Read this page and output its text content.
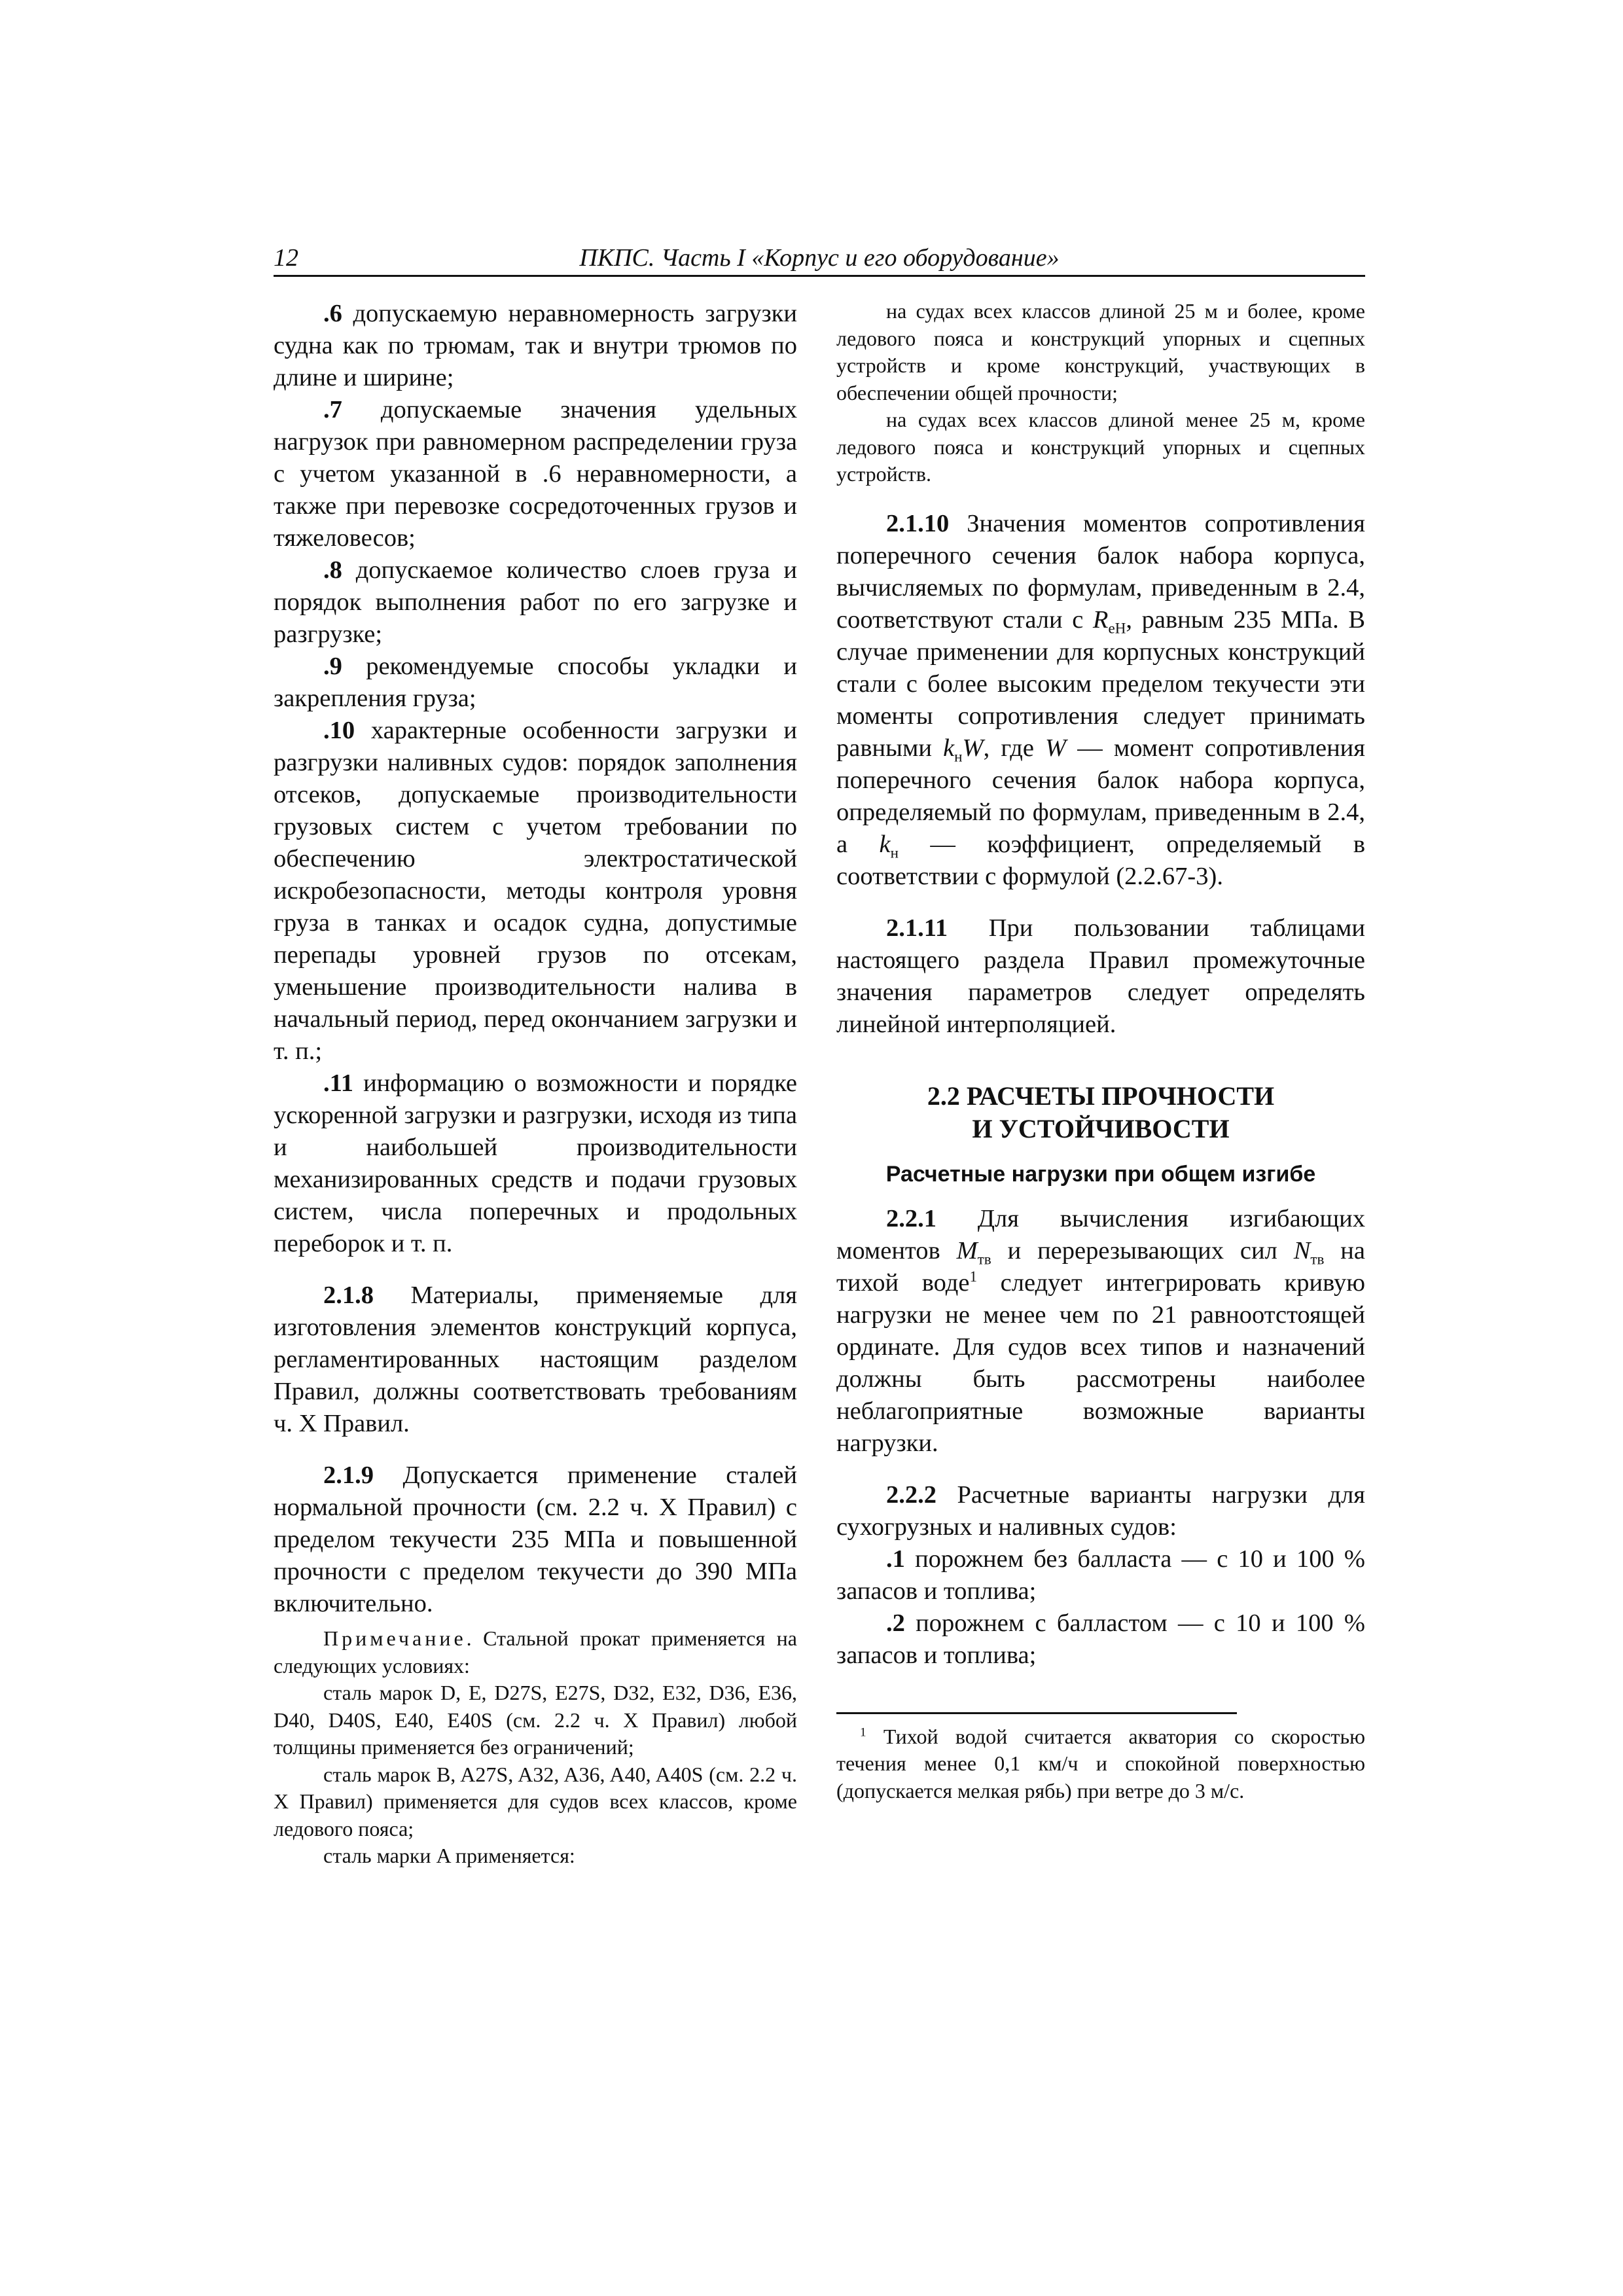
12	ПКПС. Часть I «Корпус и его оборудование»

.6 допускаемую неравномерность загрузки судна как по трюмам, так и внутри трюмов по длине и ширине;

.7 допускаемые значения удельных нагрузок при равномерном распределении груза с учетом указанной в .6 неравномерности, а также при перевозке сосредоточенных грузов и тяжеловесов;

.8 допускаемое количество слоев груза и порядок выполнения работ по его загрузке и разгрузке;

.9 рекомендуемые способы укладки и закрепления груза;

.10 характерные особенности загрузки и разгрузки наливных судов: порядок заполнения отсеков, допускаемые производительности грузовых систем с учетом требовании по обеспечению электростатической искробезопасности, методы контроля уровня груза в танках и осадок судна, допустимые перепады уровней грузов по отсекам, уменьшение производительности налива в начальный период, перед окончанием загрузки и т. п.;

.11 информацию о возможности и порядке ускоренной загрузки и разгрузки, исходя из типа и наибольшей производительности механизированных средств и подачи грузовых систем, числа поперечных и продольных переборок и т. п.

2.1.8 Материалы, применяемые для изготовления элементов конструкций корпуса, регламентированных настоящим разделом Правил, должны соответствовать требованиям ч. X Правил.

2.1.9 Допускается применение сталей нормальной прочности (см. 2.2 ч. X Правил) с пределом текучести 235 МПа и повышенной прочности с пределом текучести до 390 МПа включительно.

Примечание. Стальной прокат применяется на следующих условиях:

сталь марок D, E, D27S, E27S, D32, E32, D36, E36, D40, D40S, E40, E40S (см. 2.2 ч. X Правил) любой толщины применяется без ограничений;

сталь марок B, A27S, A32, A36, A40, A40S (см. 2.2 ч. X Правил) применяется для судов всех классов, кроме ледового пояса;

сталь марки A применяется:

на судах всех классов длиной 25 м и более, кроме ледового пояса и конструкций упорных и сцепных устройств и кроме конструкций, участвующих в обеспечении общей прочности;

на судах всех классов длиной менее 25 м, кроме ледового пояса и конструкций упорных и сцепных устройств.

2.1.10 Значения моментов сопротивления поперечного сечения балок набора корпуса, вычисляемых по формулам, приведенным в 2.4, соответствуют стали с $R_{eH}$, равным 235 МПа. В случае применении для корпусных конструкций стали с более высоким пределом текучести эти моменты сопротивления следует принимать равными $k_нW$, где W — момент сопротивления поперечного сечения балок набора корпуса, определяемый по формулам, приведенным в 2.4, а $k_н$ — коэффициент, определяемый в соответствии с формулой (2.2.67-3).

2.1.11 При пользовании таблицами настоящего раздела Правил промежуточные значения параметров следует определять линейной интерполяцией.

2.2 РАСЧЕТЫ ПРОЧНОСТИ
И УСТОЙЧИВОСТИ
Расчетные нагрузки при общем изгибе

2.2.1 Для вычисления изгибающих моментов $M_{тв}$ и перерезывающих сил $N_{тв}$ на тихой воде$^1$ следует интегрировать кривую нагрузки не менее чем по 21 равноотстоящей ординате. Для судов всех типов и назначений должны быть рассмотрены наиболее неблагоприятные возможные варианты нагрузки.

2.2.2 Расчетные варианты нагрузки для сухогрузных и наливных судов:

.1 порожнем без балласта — с 10 и 100 % запасов и топлива;

.2 порожнем с балластом — с 10 и 100 % запасов и топлива;

$^1$ Тихой водой считается акватория со скоростью течения менее 0,1 км/ч и спокойной поверхностью (допускается мелкая рябь) при ветре до 3 м/с.
